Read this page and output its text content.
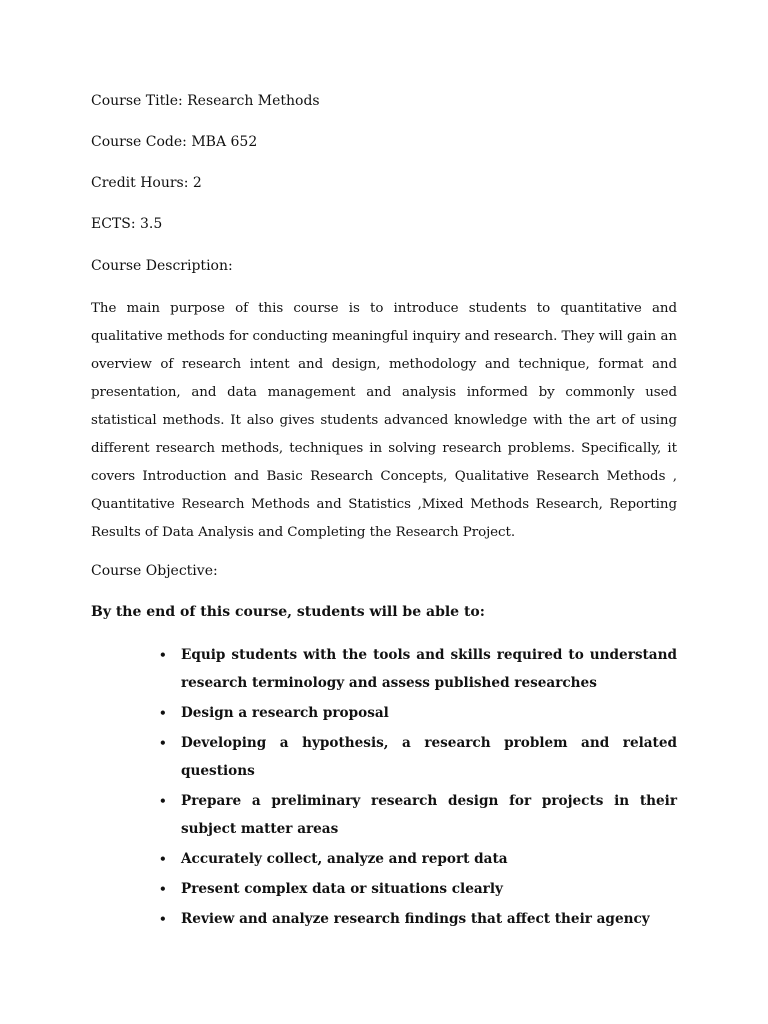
Course Title: Research Methods

Course Code: MBA 652

Credit Hours: 2

ECTS: 3.5

Course Description:

The main purpose of this course is to introduce students to quantitative and qualitative methods for conducting meaningful inquiry and research. They will gain an overview of research intent and design, methodology and technique, format and presentation, and data management and analysis informed by commonly used statistical methods. It also gives students advanced knowledge with the art of using different research methods, techniques in solving research problems. Specifically, it covers Introduction and Basic Research Concepts, Qualitative Research Methods , Quantitative Research Methods and Statistics ,Mixed Methods Research, Reporting Results of Data Analysis and Completing the Research Project.

Course Objective:

By the end of this course, students will be able to:

• Equip students with the tools and skills required to understand research terminology and assess published researches
• Design a research proposal
• Developing a hypothesis, a research problem and related questions
• Prepare a preliminary research design for projects in their subject matter areas
• Accurately collect, analyze and report data
• Present complex data or situations clearly
• Review and analyze research findings that affect their agency
